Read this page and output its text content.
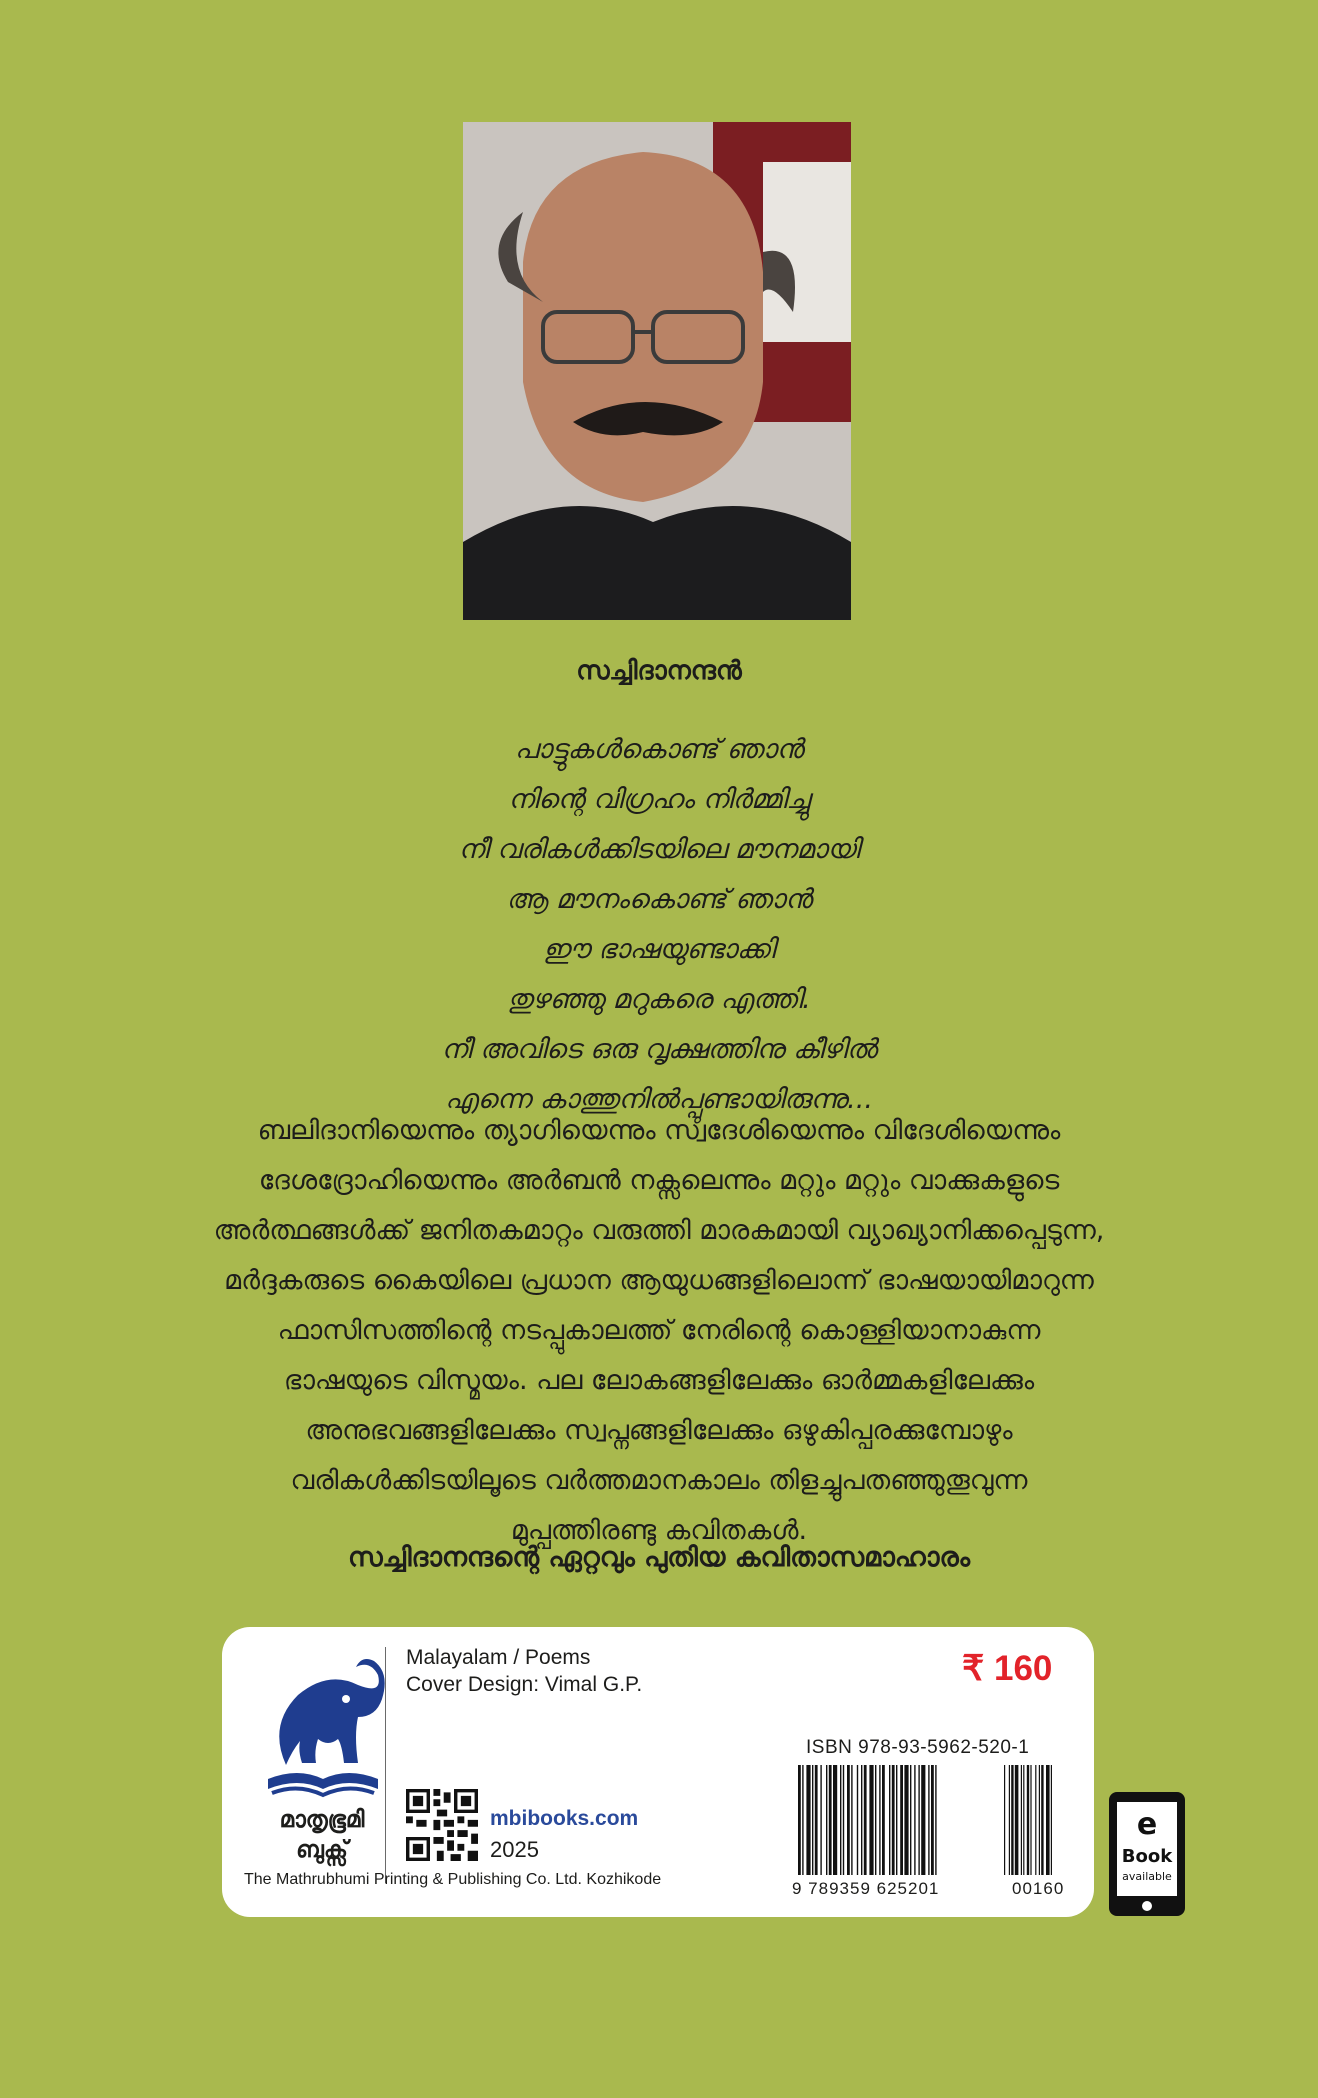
സച്ചിദാനന്ദൻ
പാട്ടുകൾകൊണ്ട് ഞാൻ
നിന്റെ വിഗ്രഹം നിർമ്മിച്ചു
നീ വരികൾക്കിടയിലെ മൗനമായി
ആ മൗനംകൊണ്ട് ഞാൻ
ഈ ഭാഷയുണ്ടാക്കി
തുഴഞ്ഞു മറുകരെ എത്തി.
നീ അവിടെ ഒരു വൃക്ഷത്തിനു കീഴിൽ
എന്നെ കാത്തുനിൽപ്പുണ്ടായിരുന്നു...
ബലിദാനിയെന്നും ത്യാഗിയെന്നും സ്വദേശിയെന്നും വിദേശിയെന്നും
ദേശദ്രോഹിയെന്നും അർബൻ നക്സലെന്നും മറ്റും മറ്റും വാക്കുകളുടെ
അർത്ഥങ്ങൾക്ക് ജനിതകമാറ്റം വരുത്തി മാരകമായി വ്യാഖ്യാനിക്കപ്പെടുന്ന,
മർദ്ദകരുടെ കൈയിലെ പ്രധാന ആയുധങ്ങളിലൊന്ന് ഭാഷയായിമാറുന്ന
ഫാസിസത്തിന്റെ നടപ്പുകാലത്ത് നേരിന്റെ കൊള്ളിയാനാകുന്ന
ഭാഷയുടെ വിസ്മയം. പല ലോകങ്ങളിലേക്കും ഓർമ്മകളിലേക്കും
അനുഭവങ്ങളിലേക്കും സ്വപ്നങ്ങളിലേക്കും ഒഴുകിപ്പരക്കുമ്പോഴും
വരികൾക്കിടയിലൂടെ വർത്തമാനകാലം തിളച്ചുപതഞ്ഞുതൂവുന്ന
മുപ്പത്തിരണ്ടു കവിതകൾ.
സച്ചിദാനന്ദന്റെ ഏറ്റവും പുതിയ കവിതാസമാഹാരം
മാതൃഭൂമി
ബുക്സ്
Malayalam / Poems
Cover Design: Vimal G.P.	₹ 160
mbibooks.com
2025
The Mathrubhumi Printing & Publishing Co. Ltd. Kozhikode
ISBN 978-93-5962-520-1
9 789359 625201	00160
e
Book
available
